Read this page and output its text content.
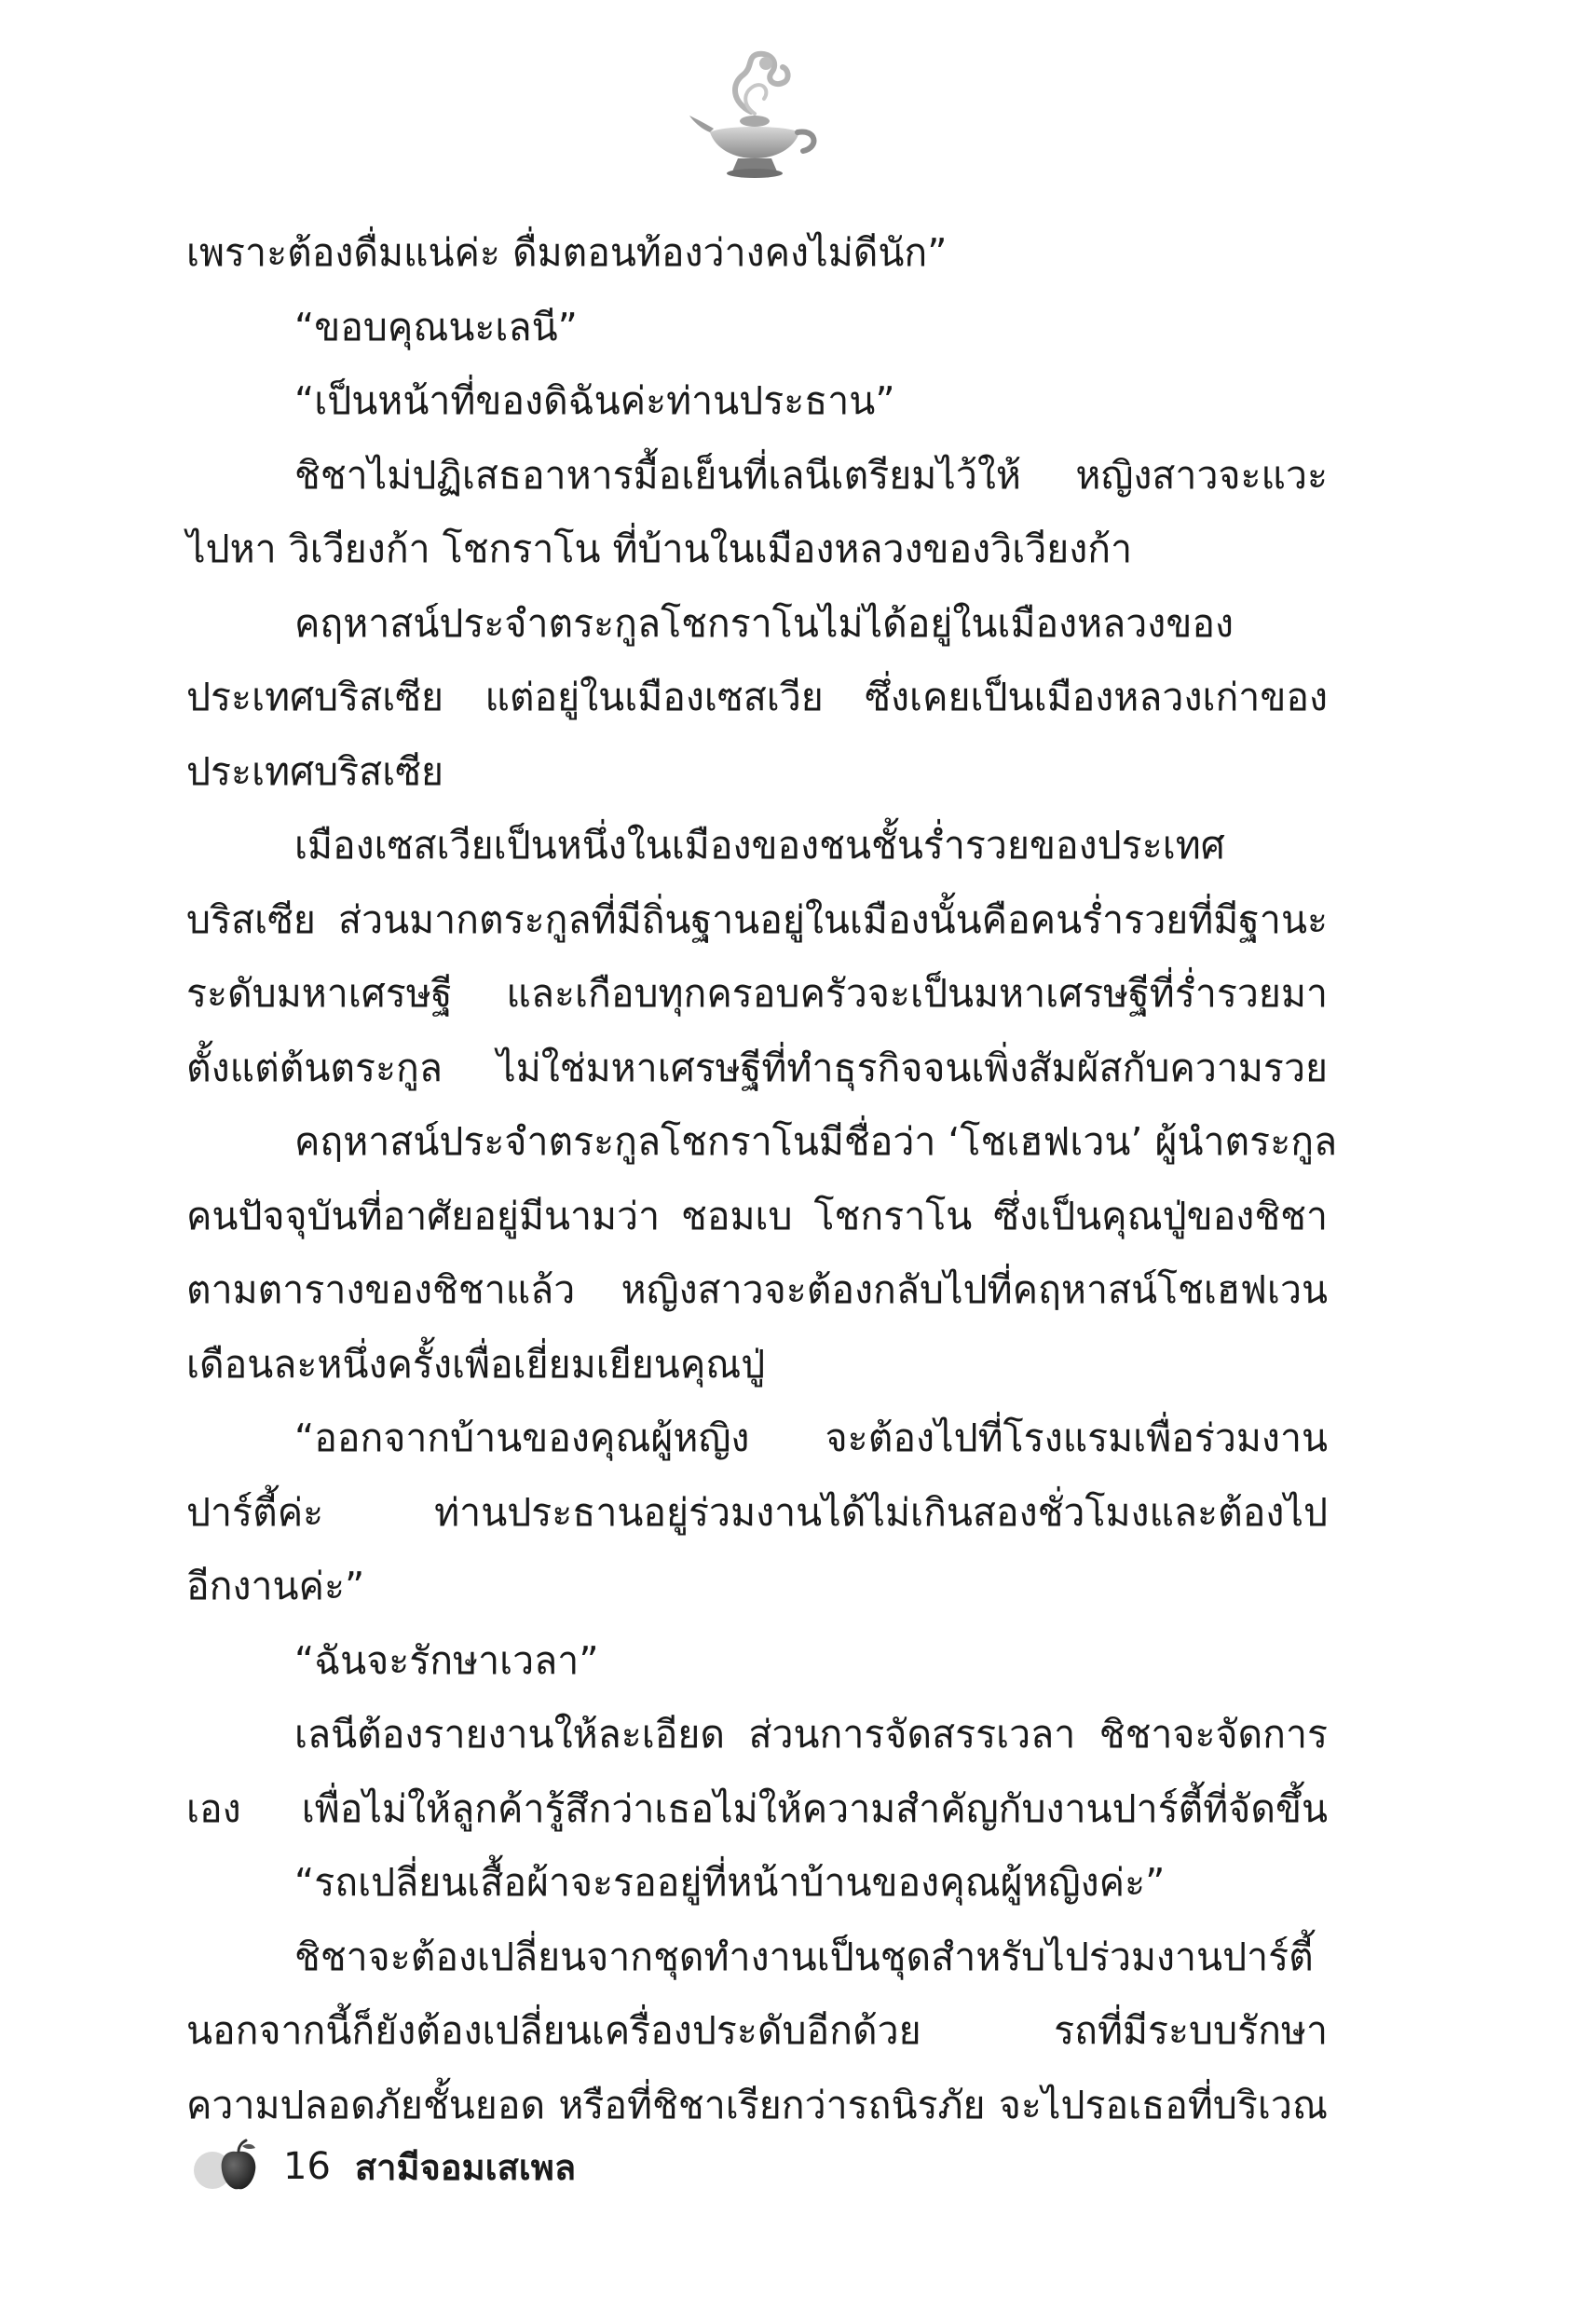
เพราะต้องดื่มแน่ค่ะ ดื่มตอนท้องว่างคงไม่ดีนัก”
“ขอบคุณนะเลนี”
“เป็นหน้าที่ของดิฉันค่ะท่านประธาน”
ชิชาไม่ปฏิเสธอาหารมื้อเย็นที่เลนีเตรียมไว้ให้ หญิงสาวจะแวะ
ไปหา วิเวียงก้า โชกราโน ที่บ้านในเมืองหลวงของวิเวียงก้า
คฤหาสน์ประจำตระกูลโชกราโนไม่ได้อยู่ในเมืองหลวงของ
ประเทศบริสเซีย แต่อยู่ในเมืองเซสเวีย ซึ่งเคยเป็นเมืองหลวงเก่าของ
ประเทศบริสเซีย
เมืองเซสเวียเป็นหนึ่งในเมืองของชนชั้นร่ำรวยของประเทศ
บริสเซีย ส่วนมากตระกูลที่มีถิ่นฐานอยู่ในเมืองนั้นคือคนร่ำรวยที่มีฐานะ
ระดับมหาเศรษฐี และเกือบทุกครอบครัวจะเป็นมหาเศรษฐีที่ร่ำรวยมา
ตั้งแต่ต้นตระกูล ไม่ใช่มหาเศรษฐีที่ทำธุรกิจจนเพิ่งสัมผัสกับความรวย
คฤหาสน์ประจำตระกูลโชกราโนมีชื่อว่า ‘โชเฮฟเวน’ ผู้นำตระกูล
คนปัจจุบันที่อาศัยอยู่มีนามว่า ชอมเบ โชกราโน ซึ่งเป็นคุณปู่ของชิชา
ตามตารางของชิชาแล้ว หญิงสาวจะต้องกลับไปที่คฤหาสน์โชเฮฟเวน
เดือนละหนึ่งครั้งเพื่อเยี่ยมเยียนคุณปู่
“ออกจากบ้านของคุณผู้หญิง จะต้องไปที่โรงแรมเพื่อร่วมงาน
ปาร์ตี้ค่ะ ท่านประธานอยู่ร่วมงานได้ไม่เกินสองชั่วโมงและต้องไป
อีกงานค่ะ”
“ฉันจะรักษาเวลา”
เลนีต้องรายงานให้ละเอียด ส่วนการจัดสรรเวลา ชิชาจะจัดการ
เอง เพื่อไม่ให้ลูกค้ารู้สึกว่าเธอไม่ให้ความสำคัญกับงานปาร์ตี้ที่จัดขึ้น
“รถเปลี่ยนเสื้อผ้าจะรออยู่ที่หน้าบ้านของคุณผู้หญิงค่ะ”
ชิชาจะต้องเปลี่ยนจากชุดทำงานเป็นชุดสำหรับไปร่วมงานปาร์ตี้
นอกจากนี้ก็ยังต้องเปลี่ยนเครื่องประดับอีกด้วย รถที่มีระบบรักษา
ความปลอดภัยชั้นยอด หรือที่ชิชาเรียกว่ารถนิรภัย จะไปรอเธอที่บริเวณ
16 สามีจอมเสเพล
